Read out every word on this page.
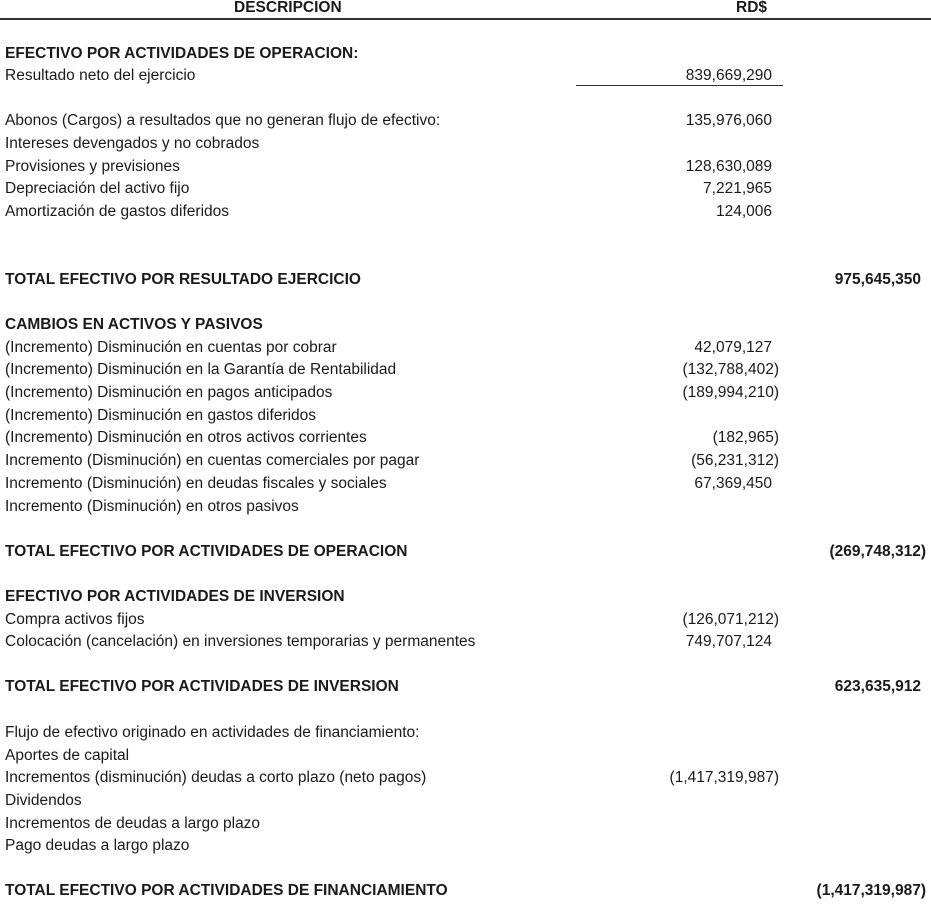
DESCRIPCION	RD$
EFECTIVO POR ACTIVIDADES DE OPERACION:
Resultado neto del ejercicio	839,669,290
Abonos (Cargos) a resultados que no generan flujo de efectivo:	135,976,060
Intereses devengados y no cobrados
Provisiones y previsiones	128,630,089
Depreciación del activo fijo	7,221,965
Amortización de gastos diferidos	124,006
TOTAL EFECTIVO POR RESULTADO EJERCICIO	975,645,350
CAMBIOS EN ACTIVOS Y PASIVOS
(Incremento) Disminución en cuentas por cobrar	42,079,127
(Incremento) Disminución en la Garantía de Rentabilidad	(132,788,402)
(Incremento) Disminución en pagos anticipados	(189,994,210)
(Incremento) Disminución en gastos diferidos
(Incremento) Disminución en otros activos corrientes	(182,965)
Incremento (Disminución) en cuentas comerciales por pagar	(56,231,312)
Incremento (Disminución) en deudas fiscales y sociales	67,369,450
Incremento (Disminución) en otros pasivos
TOTAL EFECTIVO POR ACTIVIDADES DE OPERACION	(269,748,312)
EFECTIVO POR ACTIVIDADES DE INVERSION
Compra activos fijos	(126,071,212)
Colocación (cancelación) en inversiones temporarias y permanentes	749,707,124
TOTAL EFECTIVO POR ACTIVIDADES DE INVERSION	623,635,912
Flujo de efectivo originado en actividades de financiamiento:
Aportes de capital
Incrementos (disminución) deudas a corto plazo (neto pagos)	(1,417,319,987)
Dividendos
Incrementos de deudas a largo plazo
Pago deudas a largo plazo
TOTAL EFECTIVO POR ACTIVIDADES DE FINANCIAMIENTO	(1,417,319,987)
